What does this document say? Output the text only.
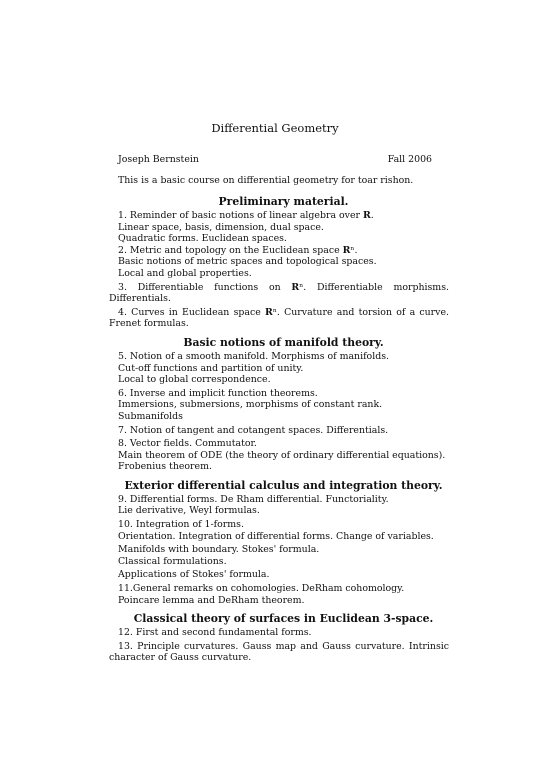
Differential Geometry
Joseph Bernstein	Fall 2006
This is a basic course on differential geometry for toar rishon.
Preliminary material.

1. Reminder of basic notions of linear algebra over R.

Linear space, basis, dimension, dual space.

Quadratic forms. Euclidean spaces.

2. Metric and topology on the Euclidean space Rⁿ.

Basic notions of metric spaces and topological spaces.

Local and global properties.

3. Differentiable functions on Rⁿ. Differentiable morphisms. Differentials.

4. Curves in Euclidean space Rⁿ. Curvature and torsion of a curve. Frenet formulas.

Basic notions of manifold theory.

5. Notion of a smooth manifold. Morphisms of manifolds.

Cut-off functions and partition of unity.

Local to global correspondence.

6. Inverse and implicit function theorems.

Immersions, submersions, morphisms of constant rank.

Submanifolds

7. Notion of tangent and cotangent spaces. Differentials.

8. Vector fields. Commutator.

Main theorem of ODE (the theory of ordinary differential equations).

Frobenius theorem.

Exterior differential calculus and integration theory.

9. Differential forms. De Rham differential. Functoriality.

Lie derivative, Weyl formulas.

10. Integration of 1-forms.

Orientation. Integration of differential forms. Change of variables.

Manifolds with boundary. Stokes' formula.

Classical formulations.

Applications of Stokes' formula.

11.General remarks on cohomologies. DeRham cohomology.

Poincare lemma and DeRham theorem.

Classical theory of surfaces in Euclidean 3-space.

12. First and second fundamental forms.

13. Principle curvatures. Gauss map and Gauss curvature. Intrinsic character of Gauss curvature.
